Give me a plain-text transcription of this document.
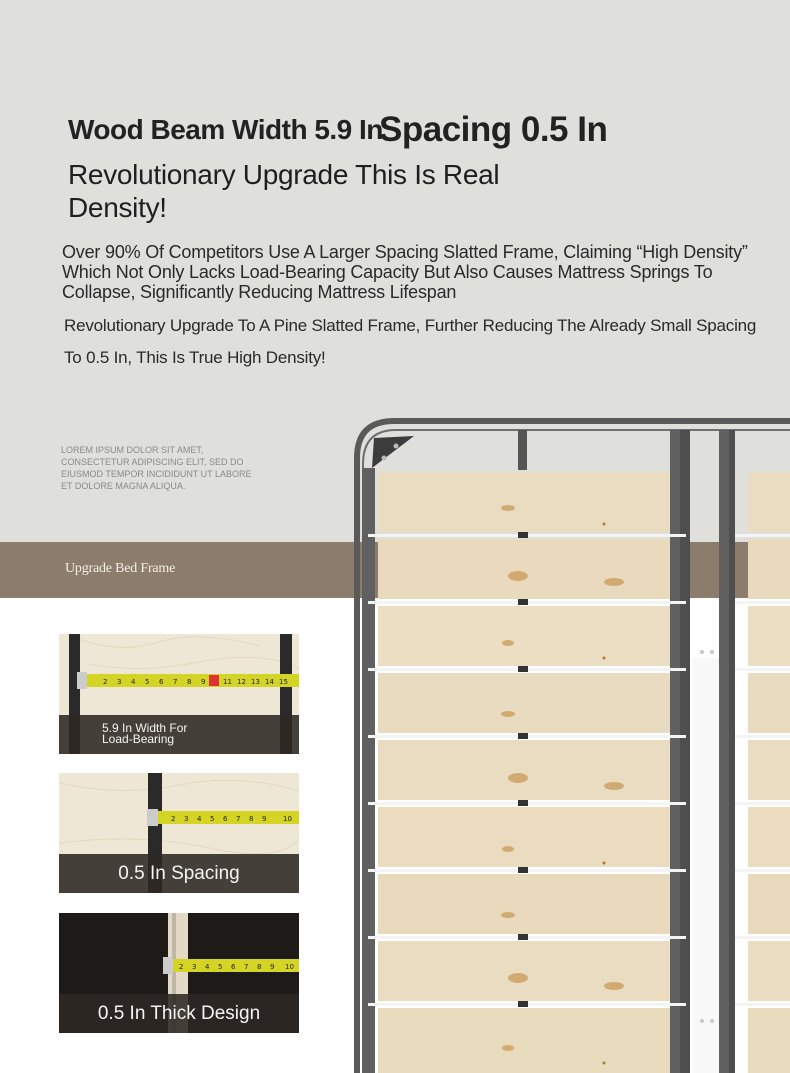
Wood Beam Width 5.9 In
Spacing 0.5 In
Revolutionary Upgrade This Is Real Density!
Over 90% Of Competitors Use A Larger Spacing Slatted Frame, Claiming “High Density” Which Not Only Lacks Load-Bearing Capacity But Also Causes Mattress Springs To Collapse, Significantly Reducing Mattress Lifespan
Revolutionary Upgrade To A Pine Slatted Frame, Further Reducing The Already Small Spacing
To 0.5 In, This Is True High Density!
LOREM IPSUM DOLOR SIT AMET, CONSECTETUR ADIPISCING ELIT, SED DO EIUSMOD TEMPOR INCIDIDUNT UT LABORE ET DOLORE MAGNA ALIQUA.
Upgrade Bed Frame
2 3 4 5 6 7 8 9	11 12 13 14 15
5.9 In Width For
Load-Bearing
2 3 4 5 6 7 8 9 10
0.5 In Spacing
2 3 4 5 6 7 8 9 10
0.5 In Thick Design
